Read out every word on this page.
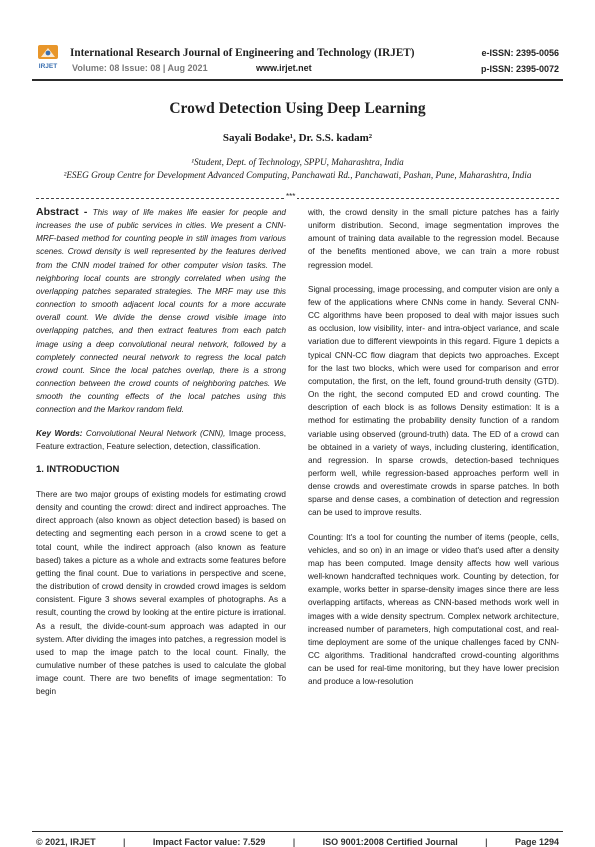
IRJET
International Research Journal of Engineering and Technology (IRJET)
Volume: 08 Issue: 08 | Aug 2021	www.irjet.net
e-ISSN: 2395-0056
p-ISSN: 2395-0072
Crowd Detection Using Deep Learning
Sayali Bodake¹, Dr. S.S. kadam²
¹Student, Dept. of Technology, SPPU, Maharashtra, India
²ESEG Group Centre for Development Advanced Computing, Panchawati Rd., Panchawati, Pashan, Pune, Maharashtra, India
***

Abstract - This way of life makes life easier for people and increases the use of public services in cities. We present a CNN-MRF-based method for counting people in still images from various scenes. Crowd density is well represented by the features derived from the CNN model trained for other computer vision tasks. The neighboring local counts are strongly correlated when using the overlapping patches separated strategies. The MRF may use this connection to smooth adjacent local counts for a more accurate overall count. We divide the dense crowd visible image into overlapping patches, and then extract features from each patch image using a deep convolutional neural network, followed by a completely connected neural network to regress the local patch crowd count. Since the local patches overlap, there is a strong connection between the crowd counts of neighboring patches. We smooth the counting effects of the local patches using this connection and the Markov random field.

Key Words: Convolutional Neural Network (CNN), Image process, Feature extraction, Feature selection, detection, classification.

1. INTRODUCTION

There are two major groups of existing models for estimating crowd density and counting the crowd: direct and indirect approaches. The direct approach (also known as object detection based) is based on detecting and segmenting each person in a crowd scene to get a total count, while the indirect approach (also known as feature based) takes a picture as a whole and extracts some features before getting the final count. Due to variations in perspective and scene, the distribution of crowd density in crowded crowd images is seldom consistent. Figure 3 shows several examples of photographs. As a result, counting the crowd by looking at the entire picture is irrational. As a result, the divide-count-sum approach was adapted in our system. After dividing the images into patches, a regression model is used to map the image patch to the local count. Finally, the cumulative number of these patches is used to calculate the global image count. There are two benefits of image segmentation: To begin

with, the crowd density in the small picture patches has a fairly uniform distribution. Second, image segmentation improves the amount of training data available to the regression model. Because of the benefits mentioned above, we can train a more robust regression model.

Signal processing, image processing, and computer vision are only a few of the applications where CNNs come in handy. Several CNN-CC algorithms have been proposed to deal with major issues such as occlusion, low visibility, inter- and intra-object variance, and scale variation due to different viewpoints in this regard. Figure 1 depicts a typical CNN-CC flow diagram that depicts two approaches. Except for the last two blocks, which were used for comparison and error computation, the first, on the left, found ground-truth density (GTD). On the right, the second computed ED and crowd counting. The description of each block is as follows Density estimation: It is a method for estimating the probability density function of a random variable using observed (ground-truth) data. The ED of a crowd can be obtained in a variety of ways, including clustering, identification, and regression. In sparse crowds, detection-based techniques perform well, while regression-based approaches perform well in dense crowds and overestimate crowds in sparse patches. In both sparse and dense cases, a combination of detection and regression can be used to improve results.

Counting: It's a tool for counting the number of items (people, cells, vehicles, and so on) in an image or video that's used after a density map has been computed. Image density affects how well various well-known handcrafted techniques work. Counting by detection, for example, works better in sparse-density images since there are less overlapping artifacts, whereas as CNN-based methods work well in images with a wide density spectrum. Complex network architecture, increased number of parameters, high computational cost, and real-time deployment are some of the unique challenges faced by CNN-CC algorithms. Traditional handcrafted crowd-counting algorithms can be used for real-time monitoring, but they have lower precision and produce a low-resolution

© 2021, IRJET	|	Impact Factor value: 7.529	|	ISO 9001:2008 Certified Journal	|	Page 1294
